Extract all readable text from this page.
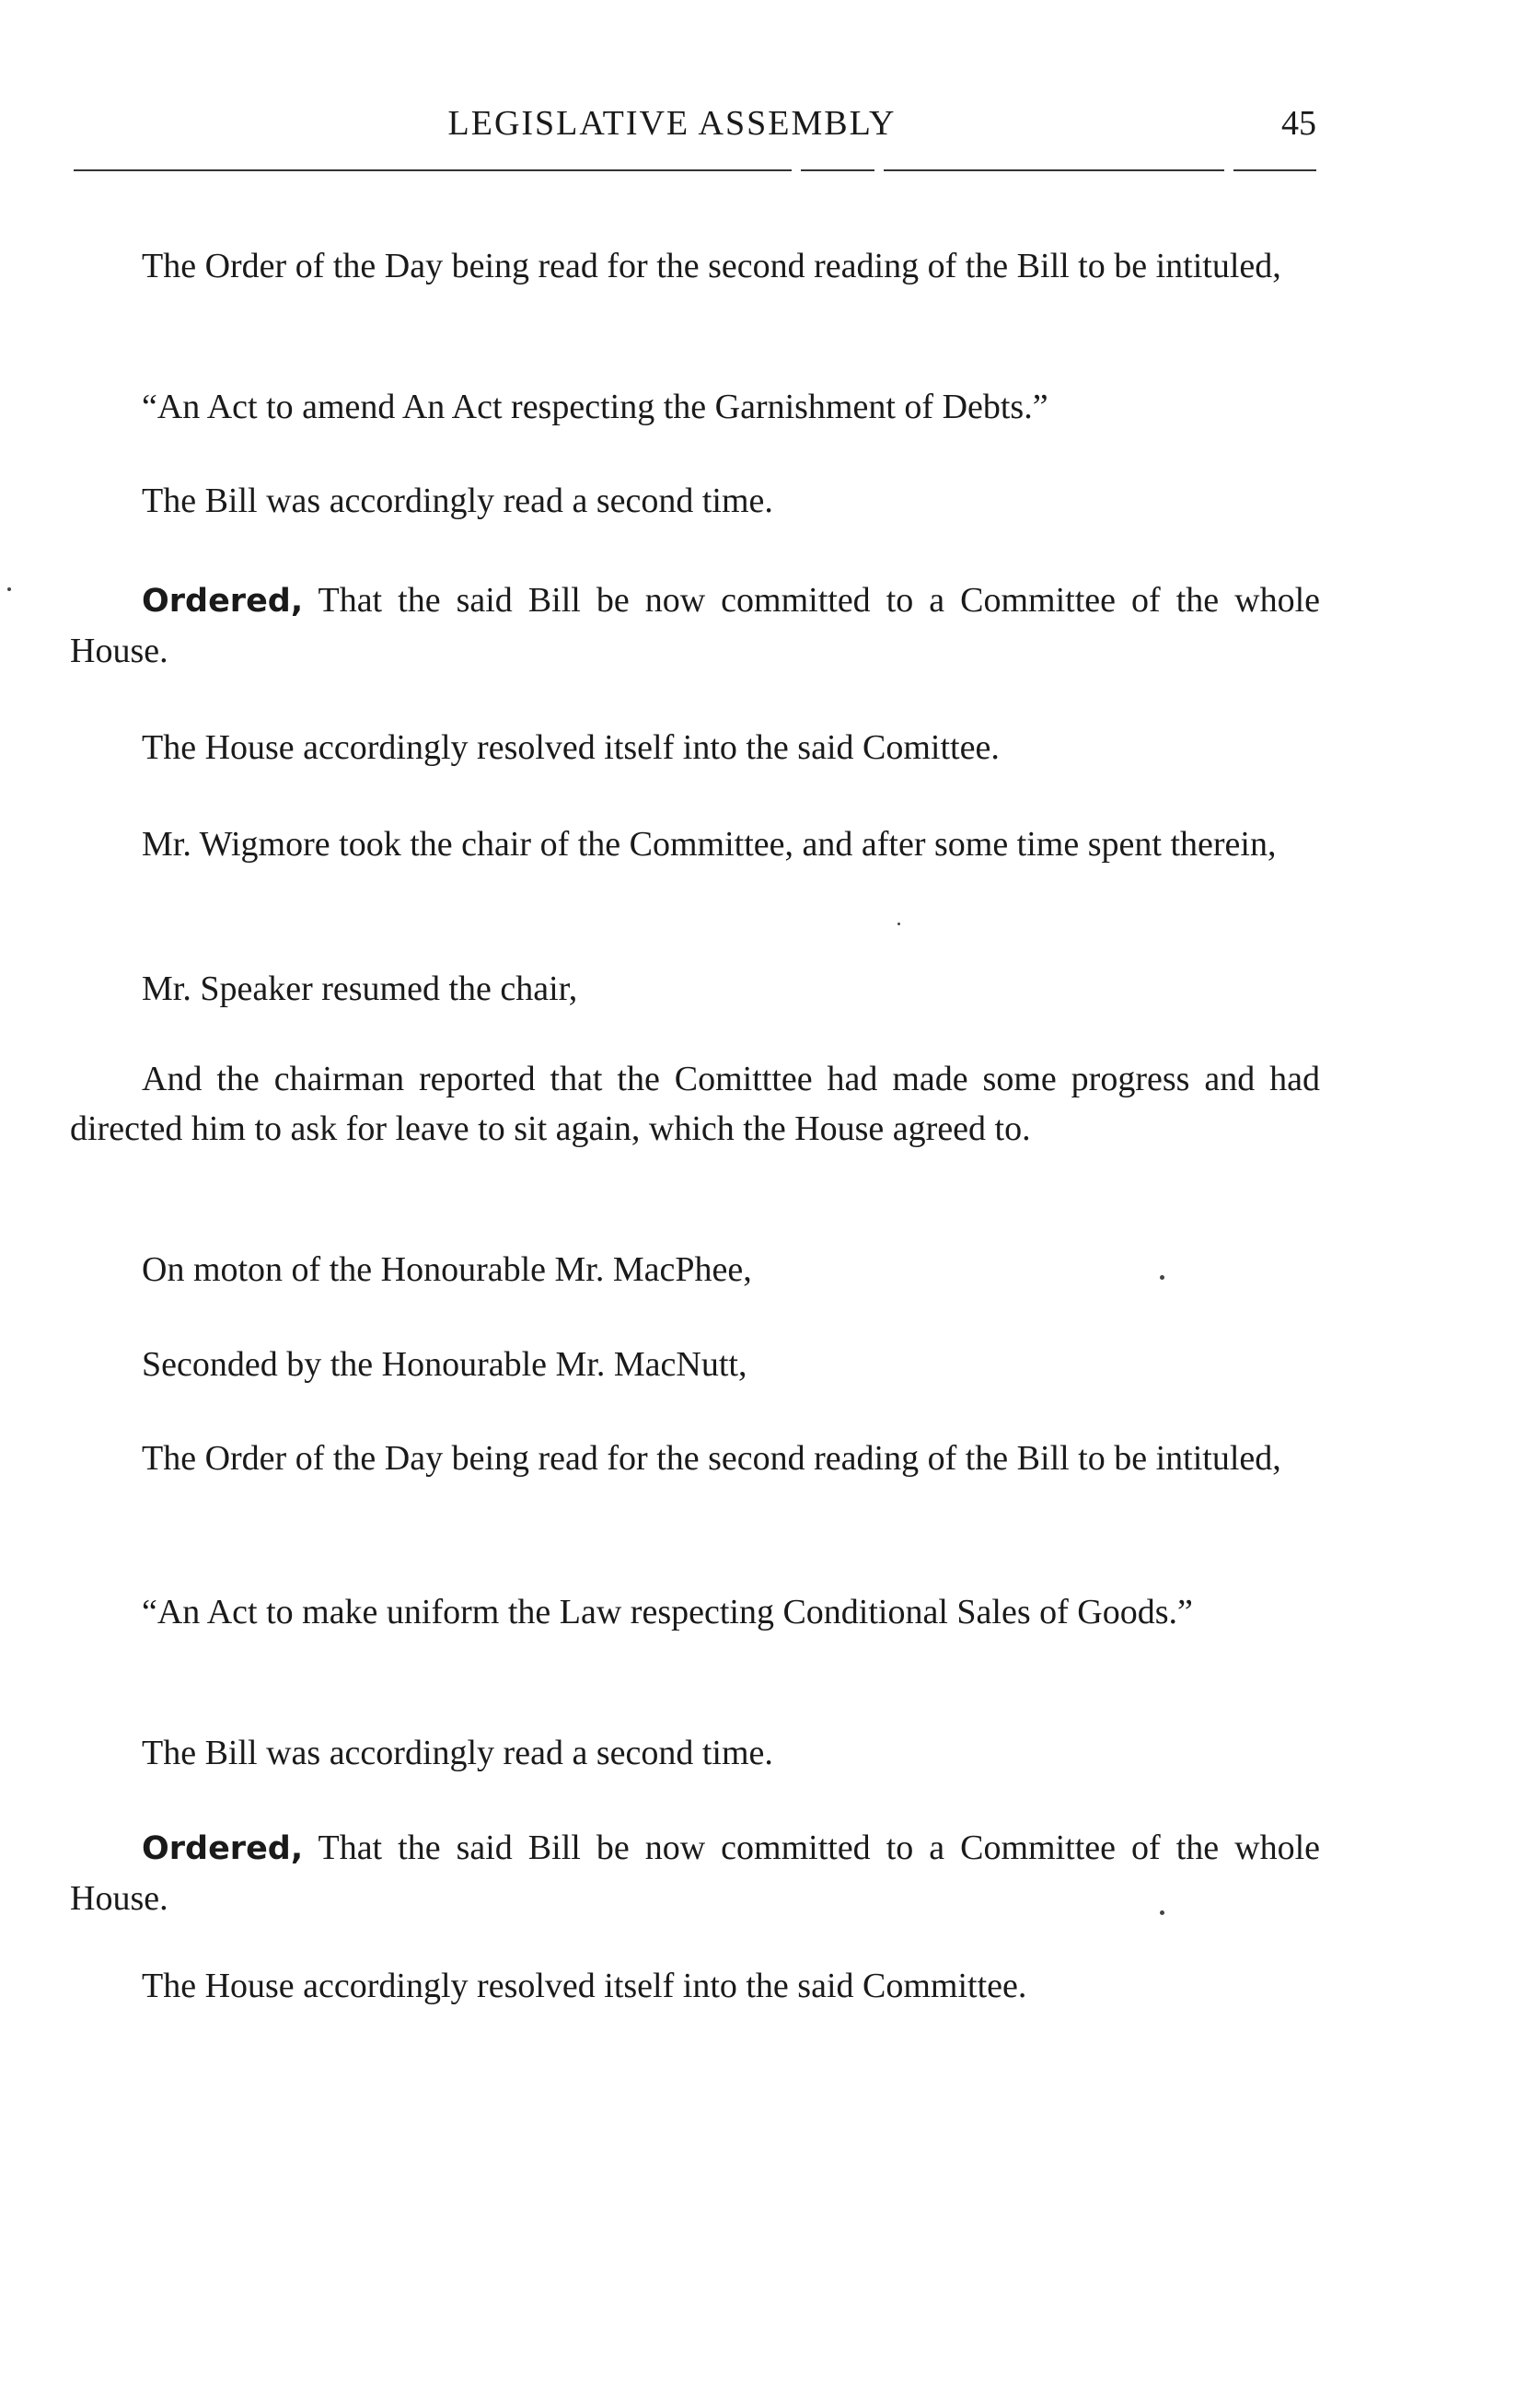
LEGISLATIVE ASSEMBLY	45

The Order of the Day being read for the second reading of the Bill to be intituled,

“An Act to amend An Act respecting the Garnishment of Debts.”

The Bill was accordingly read a second time.

Ordered, That the said Bill be now committed to a Committee of the whole House.

The House accordingly resolved itself into the said Comittee.

Mr. Wigmore took the chair of the Committee, and after some time spent therein,

Mr. Speaker resumed the chair,

And the chairman reported that the Comitttee had made some progress and had directed him to ask for leave to sit again, which the House agreed to.

On moton of the Honourable Mr. MacPhee,

Seconded by the Honourable Mr. MacNutt,

The Order of the Day being read for the second reading of the Bill to be intituled,

“An Act to make uniform the Law respecting Conditional Sales of Goods.”

The Bill was accordingly read a second time.

Ordered, That the said Bill be now committed to a Committee of the whole House.

The House accordingly resolved itself into the said Committee.
